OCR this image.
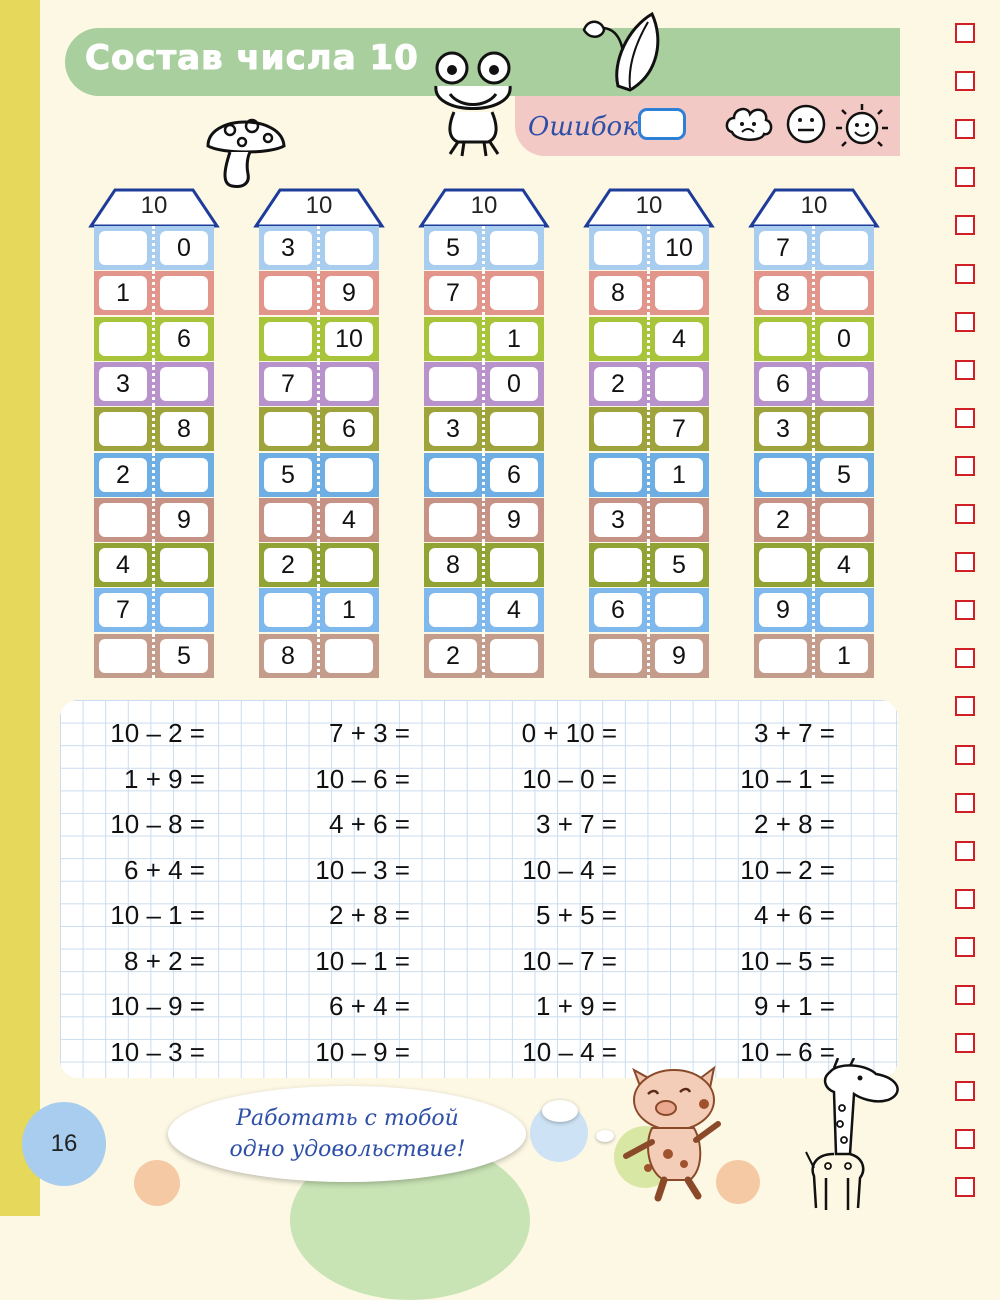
Состав числа 10
Ошибок
10
0
1
6
3
8
2
9
4
7
5
10
3
9
10
7
6
5
4
2
1
8
10
5
7
1
0
3
6
9
8
4
2
10
10
8
4
2
7
1
3
5
6
9
10
7
8
0
6
3
5
2
4
9
1
10 – 2 =
1 + 9 =
10 – 8 =
6 + 4 =
10 – 1 =
8 + 2 =
10 – 9 =
10 – 3 =
7 + 3 =
10 – 6 =
4 + 6 =
10 – 3 =
2 + 8 =
10 – 1 =
6 + 4 =
10 – 9 =
0 + 10 =
10 – 0 =
3 + 7 =
10 – 4 =
5 + 5 =
10 – 7 =
1 + 9 =
10 – 4 =
3 + 7 =
10 – 1 =
2 + 8 =
10 – 2 =
4 + 6 =
10 – 5 =
9 + 1 =
10 – 6 =
16
Работать с тобой
одно удовольствие!
